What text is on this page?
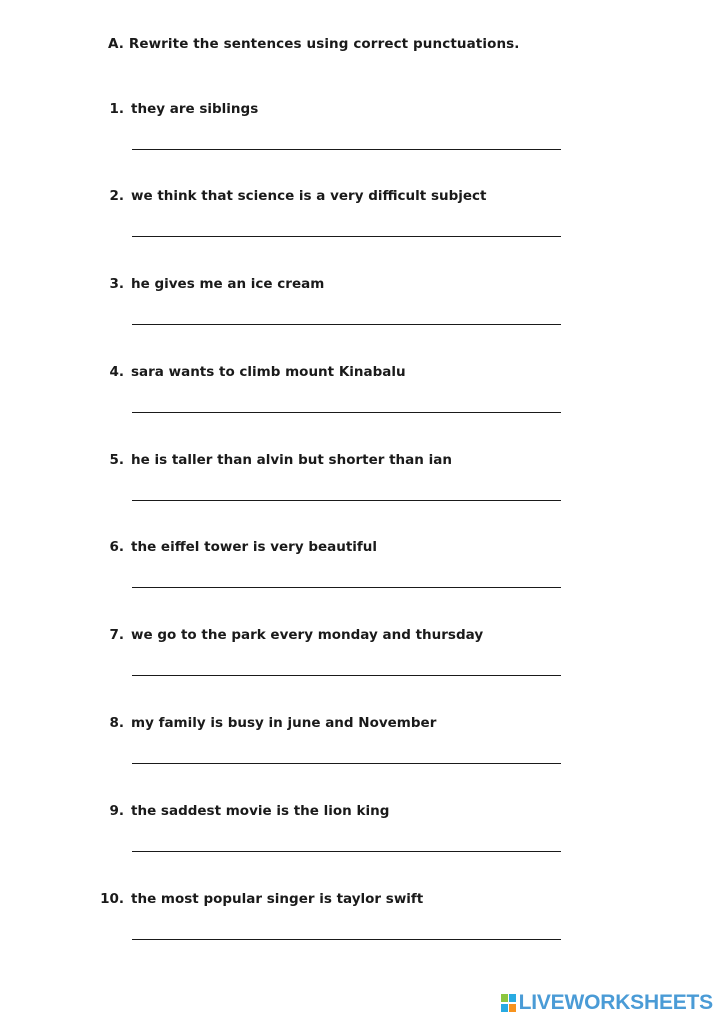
A. Rewrite the sentences using correct punctuations.
1. they are siblings
2. we think that science is a very difficult subject
3. he gives me an ice cream
4. sara wants to climb mount Kinabalu
5. he is taller than alvin but shorter than ian
6. the eiffel tower is very beautiful
7. we go to the park every monday and thursday
8. my family is busy in june and November
9. the saddest movie is the lion king
10. the most popular singer is taylor swift
LIVEWORKSHEETS
